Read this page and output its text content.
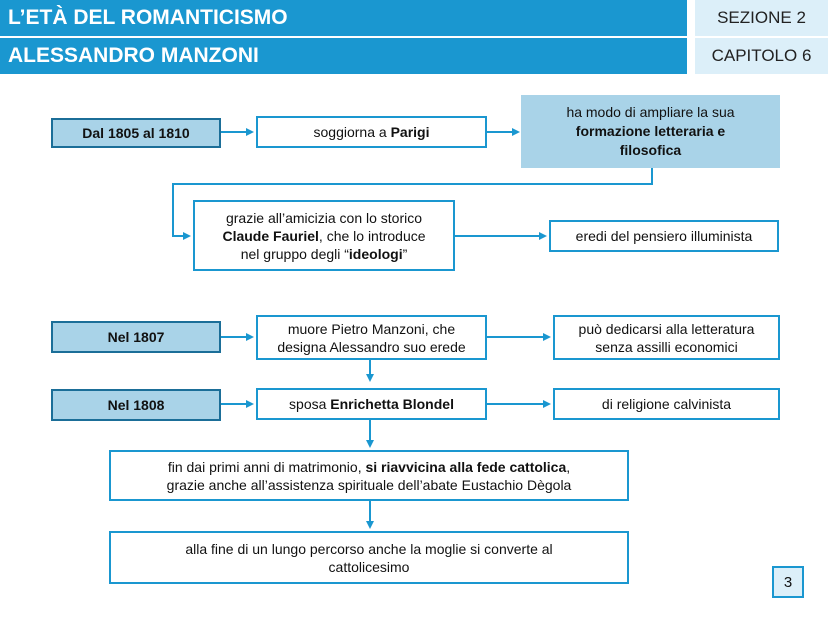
L’ETÀ DEL ROMANTICISMO
ALESSANDRO MANZONI
SEZIONE 2
CAPITOLO 6
Dal 1805 al 1810	soggiorna a Parigi
ha modo di ampliare la sua
formazione letteraria e
filosofica
grazie all’amicizia con lo storico
Claude Fauriel, che lo introduce
nel gruppo degli “ideologi”
eredi del pensiero illuminista
Nel 1807
muore Pietro Manzoni, che
designa Alessandro suo erede
può dedicarsi alla letteratura
senza assilli economici
Nel 1808	sposa Enrichetta Blondel	di religione calvinista
fin dai primi anni di matrimonio, si riavvicina alla fede cattolica,
grazie anche all’assistenza spirituale dell’abate Eustachio Dègola
alla fine di un lungo percorso anche la moglie si converte al
cattolicesimo
3
